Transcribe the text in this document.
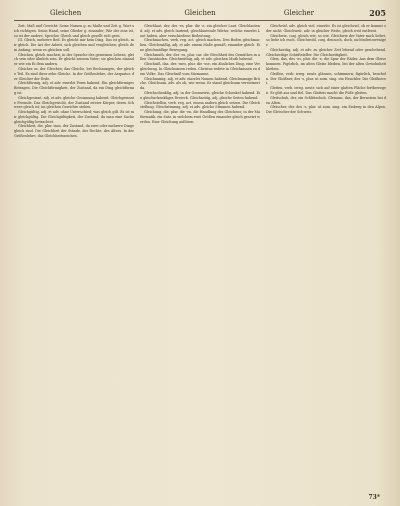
Gleichen	Gleichen	Gleicher	205

Zeit, Maß und Gewicht: Seine Namen g. zu Maße und Zeit g. Wort sich richtigen. Seine Hand, seine Glieder g. einander; Wie der eine ist, so ist der andere. Sprichw. Gleich und gleich gesellt sich gern.

III. Gleich, mehrere Bed. Es gleicht mir kein Ding. Das ist gleich, mir gleich. Die Art der Arbeit, sich gleichen und vergleichen; gleich dem Anfang; wenn es gleichen soll.

Gleichen, gleich machen; in der Sprache des gemeinen Lebens, gleich sein oder ähnlich sein. Er gleicht seinem Vater; sie gleichen einander wie ein Ei dem andern.

Gleicher, m. der Gleichen; das Gleiche, bei Rechnungen, der gleiche Teil. Es sind ihrer zehn Gleiche. In der Größenlehre, der Aequator, der Gleicher der Erde.

Gleichförmig, adj. et adv. einerlei Form habend. Ein gleichförmiges Betragen. Die Gleichförmigkeit, der Zustand, da ein Ding gleichförmig ist.

Gleichgesinnt, adj. et adv. gleiche Gesinnung habend. Gleichgesinnte Freunde. Das Gleichgewicht, der Zustand zweier Körper, deren Schwere gleich ist; im gleichen Gewichte stehen.

Gleichgültig, adj. et adv. ohne Unterschied; was gleich gilt. Es ist mir gleichgültig. Die Gleichgültigkeit, der Zustand, da man eine Sache gleichgültig betrachtet.

Gleichheit, die, plur. inus. der Zustand, da zwei oder mehrere Dinge gleich sind. Die Gleichheit der Stände, der Rechte, des Alters. In der Größenlehre, das Gleichheitszeichen.

Gleichlaut, der, des -es, plur. die -e, ein gleicher Laut. Gleichlautend, adj. et adv. gleich lautend; gleichlautende Wörter, welche einerlei Laut haben, aber verschiedene Bedeutung.

Gleichmachen, verb. reg. act. gleich machen. Den Boden gleichmachen. Gleichmäßig, adj. et adv. einem Maße gemäß; einander gleich. Eine gleichmäßige Bewegung.

Gleichmuth, der, des -es, plur. car. die Gleichheit des Gemüthes in allen Umständen. Gleichmüthig, adj. et adv. gleichen Muth habend.

Gleichniß, das, des -sses, plur. die -sse, ein ähnliches Ding, eine Vergleichung. In Gleichnissen reden. Christus redete in Gleichnissen zu dem Volke. Das Gleichniß vom Säemanne.

Gleichnamig, adj. et adv. einerlei Namen habend. Gleichnamige Brüche. Gleichsam, adv. als ob, wie wenn. Er stand gleichsam versteinert da.

Gleichschenklig, adj. in der Geometrie, gleiche Schenkel habend. Ein gleichschenkliges Dreieck. Gleichseitig, adj. gleiche Seiten habend.

Gleichstellen, verb. reg. act. einem andern gleich setzen. Die Gleichstellung. Gleichstimmig, adj. et adv. gleiche Stimmen habend.

Gleichung, die, plur. die -en, die Handlung des Gleichens; in der Mathematik, ein Satz, in welchem zwei Größen einander gleich gesetzt werden. Eine Gleichung auflösen.

Gleichviel, adv. gleich viel, einerlei. Es ist gleichviel, ob er kommt oder nicht. Gleichweit, adv. in gleicher Weite, gleich weit entfernt.

Gleichwie, conj. gleich wie, so wie. Gleichwie der Vater mich liebet, so liebe ich euch. Gleichwohl, conj. dennoch, doch, nichtsdestoweniger.

Gleichzeitig, adj. et adv. zu gleicher Zeit lebend oder geschehend. Gleichzeitige Schriftsteller. Die Gleichzeitigkeit.

Gleis, das, des -es, plur. die -e, die Spur der Räder. Aus dem Gleise kommen. Figürlich, im alten Gleise bleiben, bei der alten Gewohnheit bleiben.

Gleißen, verb. irreg. neutr. glänzen, schimmern; figürlich, heucheln. Der Gleißner, des -s, plur. ut nom. sing. ein Heuchler. Die Gleißnerei.

Gleiten, verb. irreg. neutr. sich auf einer glatten Fläche fortbewegen. Er glitt aus und fiel. Das Glatteis macht die Füße gleiten.

Gleitschuh, der, ein Schlittschuh. Glessum, das, der Bernstein bei den Alten.

Gletscher, der, des -s, plur. ut nom. sing. ein Eisberg in den Alpen. Die Gletscher der Schweiz.

73*
